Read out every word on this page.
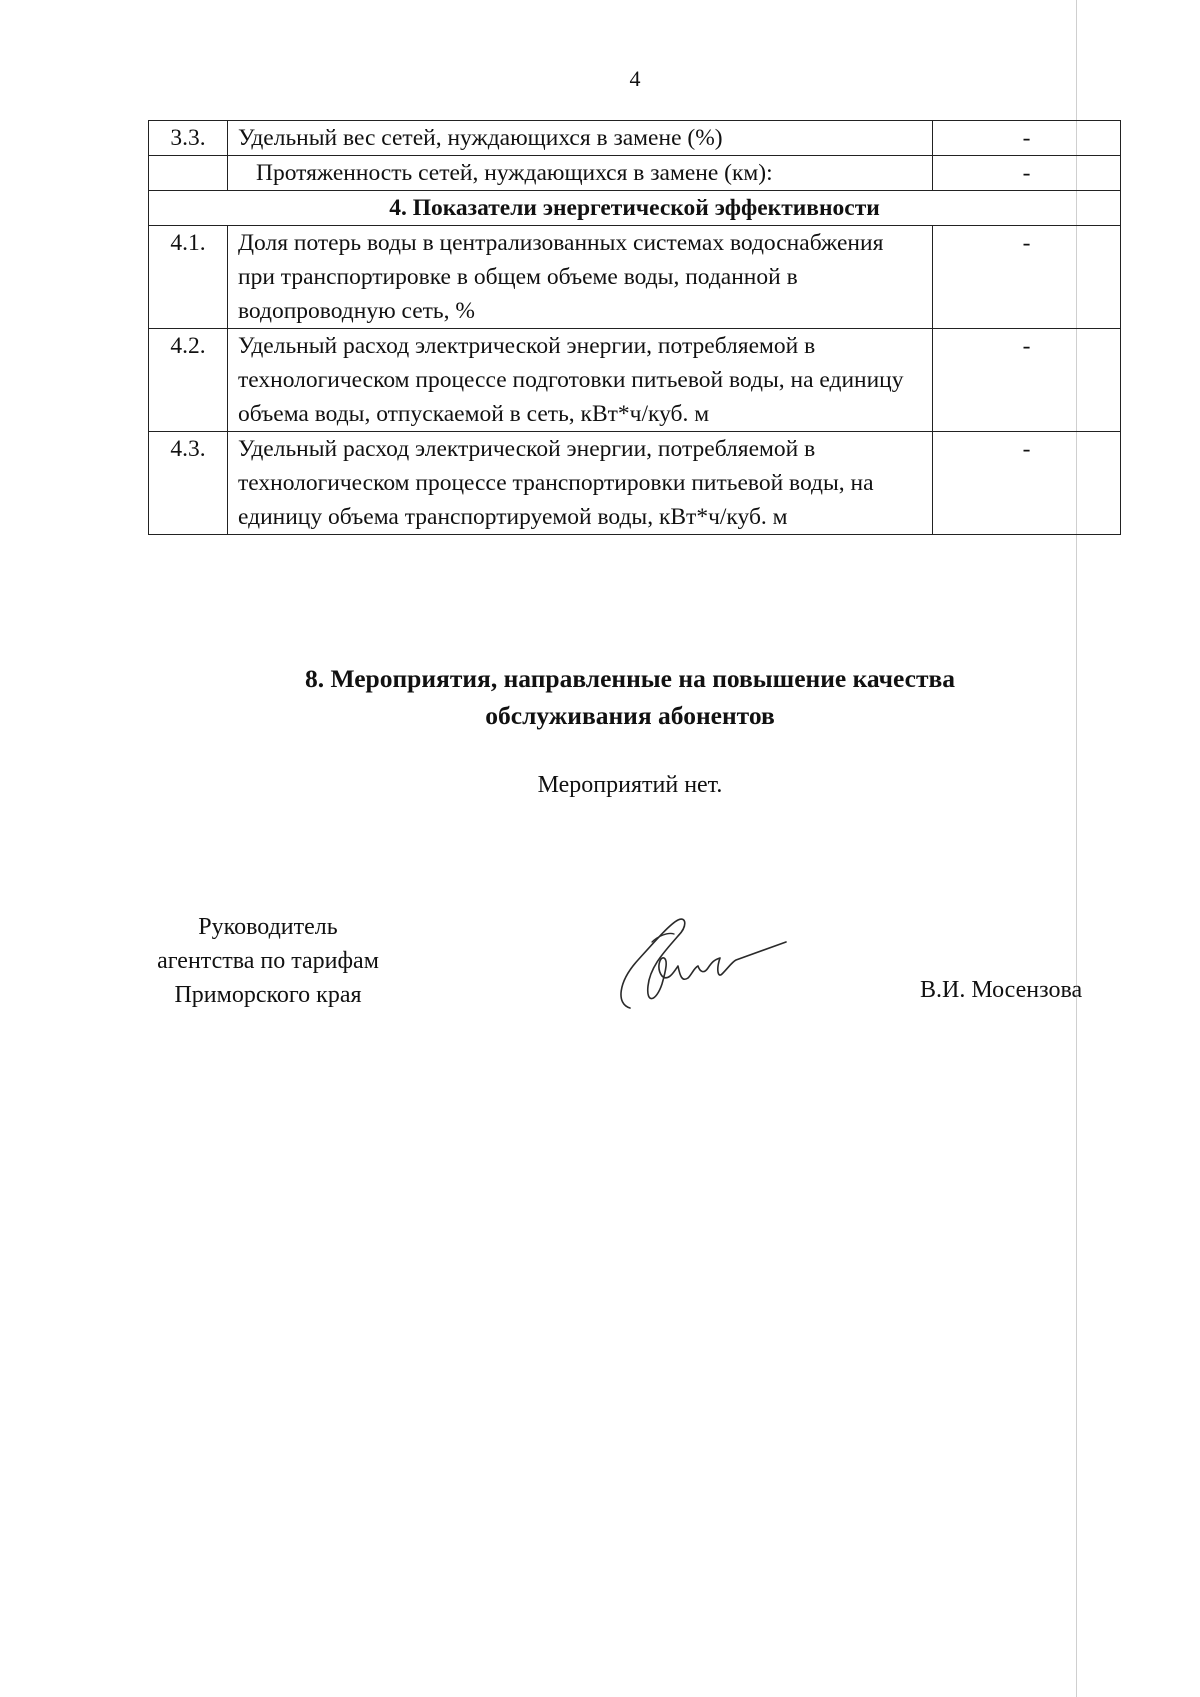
4
3.3.	Удельный вес сетей, нуждающихся в замене (%)	-
	Протяженность сетей, нуждающихся в замене (км):	-
4. Показатели энергетической эффективности		
4.1.	Доля потерь воды в централизованных системах водоснабжения при транспортировке в общем объеме воды, поданной в водопроводную сеть, %	-
4.2.	Удельный расход электрической энергии, потребляемой в технологическом процессе подготовки питьевой воды, на единицу объема воды, отпускаемой в сеть, кВт*ч/куб. м	-
4.3.	Удельный расход электрической энергии, потребляемой в технологическом процессе транспортировки питьевой воды, на единицу объема транспортируемой воды, кВт*ч/куб. м	-
8. Мероприятия, направленные на повышение качества
обслуживания абонентов
Мероприятий нет.
Руководитель
агентства по тарифам
Приморского края	В.И. Мосензова
